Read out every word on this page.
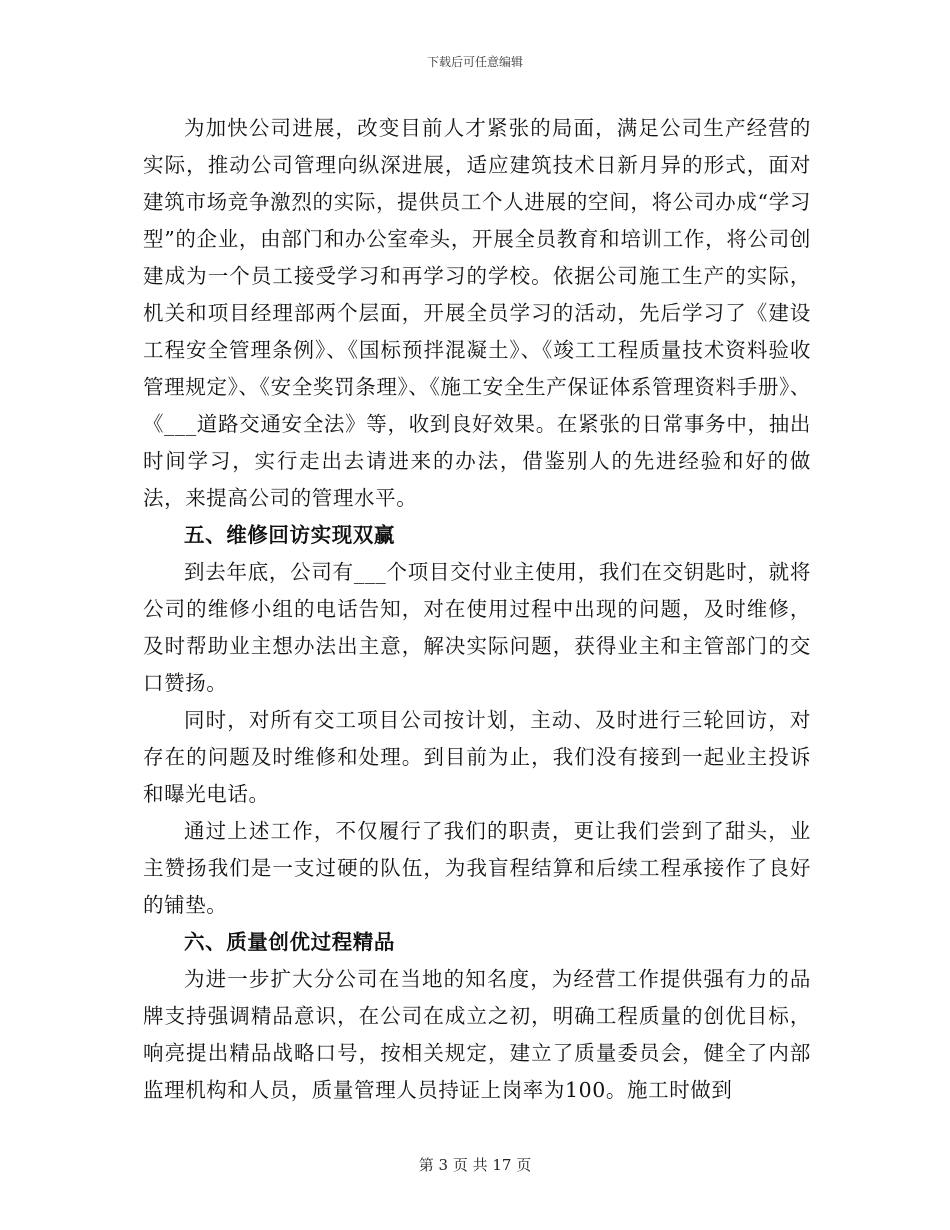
下载后可任意编辑

为加快公司进展，改变目前人才紧张的局面，满足公司生产经营的实际，推动公司管理向纵深进展，适应建筑技术日新月异的形式，面对建筑市场竞争激烈的实际，提供员工个人进展的空间，将公司办成“学习型”的企业，由部门和办公室牵头，开展全员教育和培训工作，将公司创建成为一个员工接受学习和再学习的学校。依据公司施工生产的实际，机关和项目经理部两个层面，开展全员学习的活动，先后学习了《建设工程安全管理条例》、《国标预拌混凝土》、《竣工工程质量技术资料验收管理规定》、《安全奖罚条理》、《施工安全生产保证体系管理资料手册》、《___道路交通安全法》等，收到良好效果。在紧张的日常事务中，抽出时间学习，实行走出去请进来的办法，借鉴别人的先进经验和好的做法，来提高公司的管理水平。

五、维修回访实现双赢

到去年底，公司有___个项目交付业主使用，我们在交钥匙时，就将公司的维修小组的电话告知，对在使用过程中出现的问题，及时维修，及时帮助业主想办法出主意，解决实际问题，获得业主和主管部门的交口赞扬。

同时，对所有交工项目公司按计划，主动、及时进行三轮回访，对存在的问题及时维修和处理。到目前为止，我们没有接到一起业主投诉和曝光电话。

通过上述工作，不仅履行了我们的职责，更让我们尝到了甜头，业主赞扬我们是一支过硬的队伍，为我盲程结算和后续工程承接作了良好的铺垫。

六、质量创优过程精品

为进一步扩大分公司在当地的知名度，为经营工作提供强有力的品牌支持强调精品意识，在公司在成立之初，明确工程质量的创优目标，响亮提出精品战略口号，按相关规定，建立了质量委员会，健全了内部监理机构和人员，质量管理人员持证上岗率为100。施工时做到

第 3 页 共 17 页
